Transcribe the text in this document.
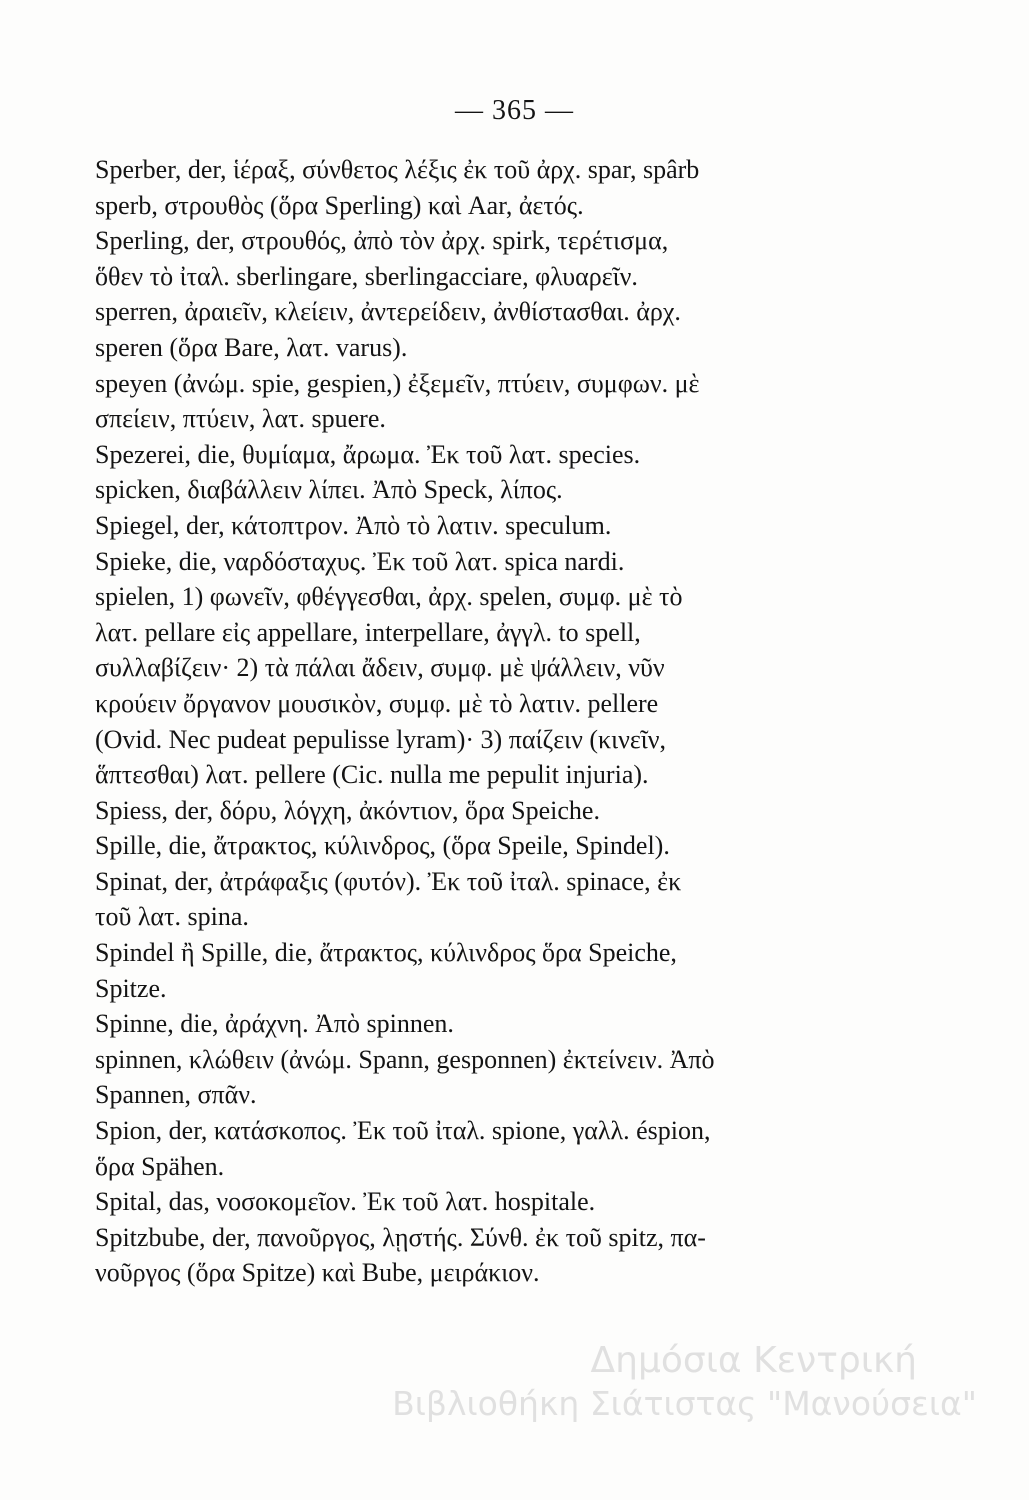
— 365 —
Sperber, der, ἱέραξ, σύνθετος λέξις ἐκ τοῦ ἀρχ. spar, spârb
sperb, στρουθὸς (ὅρα Sperling) καὶ Aar, ἀετός.
Sperling, der, στρουθός, ἀπὸ τὸν ἀρχ. spirk, τερέτισμα,
ὅθεν τὸ ἰταλ. sberlingare, sberlingacciare, φλυαρεῖν.
sperren, ἀραιεῖν, κλείειν, ἀντερείδειν, ἀνθίστασθαι. ἀρχ.
speren (ὅρα Bare, λατ. varus).
speyen (ἀνώμ. spie, gespien,) ἐξεμεῖν, πτύειν, συμφων. μὲ
σπείειν, πτύειν, λατ. spuere.
Spezerei, die, θυμίαμα, ἄρωμα. Ἐκ τοῦ λατ. species.
spicken, διαβάλλειν λίπει. Ἀπὸ Speck, λίπος.
Spiegel, der, κάτοπτρον. Ἀπὸ τὸ λατιν. speculum.
Spieke, die, ναρδόσταχυς. Ἐκ τοῦ λατ. spica nardi.
spielen, 1) φωνεῖν, φθέγγεσθαι, ἀρχ. spelen, συμφ. μὲ τὸ
λατ. pellare εἰς appellare, interpellare, ἀγγλ. to spell,
συλλαβίζειν· 2) τὰ πάλαι ἄδειν, συμφ. μὲ ψάλλειν, νῦν
κρούειν ὄργανον μουσικὸν, συμφ. μὲ τὸ λατιν. pellere
(Ovid. Nec pudeat pepulisse lyram)· 3) παίζειν (κινεῖν,
ἅπτεσθαι) λατ. pellere (Cic. nulla me pepulit injuria).
Spiess, der, δόρυ, λόγχη, ἀκόντιον, ὅρα Speiche.
Spille, die, ἄτρακτος, κύλινδρος, (ὅρα Speile, Spindel).
Spinat, der, ἀτράφαξις (φυτόν). Ἐκ τοῦ ἰταλ. spinace, ἐκ
τοῦ λατ. spina.
Spindel ἢ Spille, die, ἄτρακτος, κύλινδρος ὅρα Speiche,
Spitze.
Spinne, die, ἀράχνη. Ἀπὸ spinnen.
spinnen, κλώθειν (ἀνώμ. Spann, gesponnen) ἐκτείνειν. Ἀπὸ
Spannen, σπᾶν.
Spion, der, κατάσκοπος. Ἐκ τοῦ ἰταλ. spione, γαλλ. éspion,
ὅρα Spähen.
Spital, das, νοσοκομεῖον. Ἐκ τοῦ λατ. hospitale.
Spitzbube, der, πανοῦργος, λῃστής. Σύνθ. ἐκ τοῦ spitz, πα-
νοῦργος (ὅρα Spitze) καὶ Bube, μειράκιον.
Δημόσια Κεντρική
Βιβλιοθήκη Σιάτιστας "Μανούσεια"
